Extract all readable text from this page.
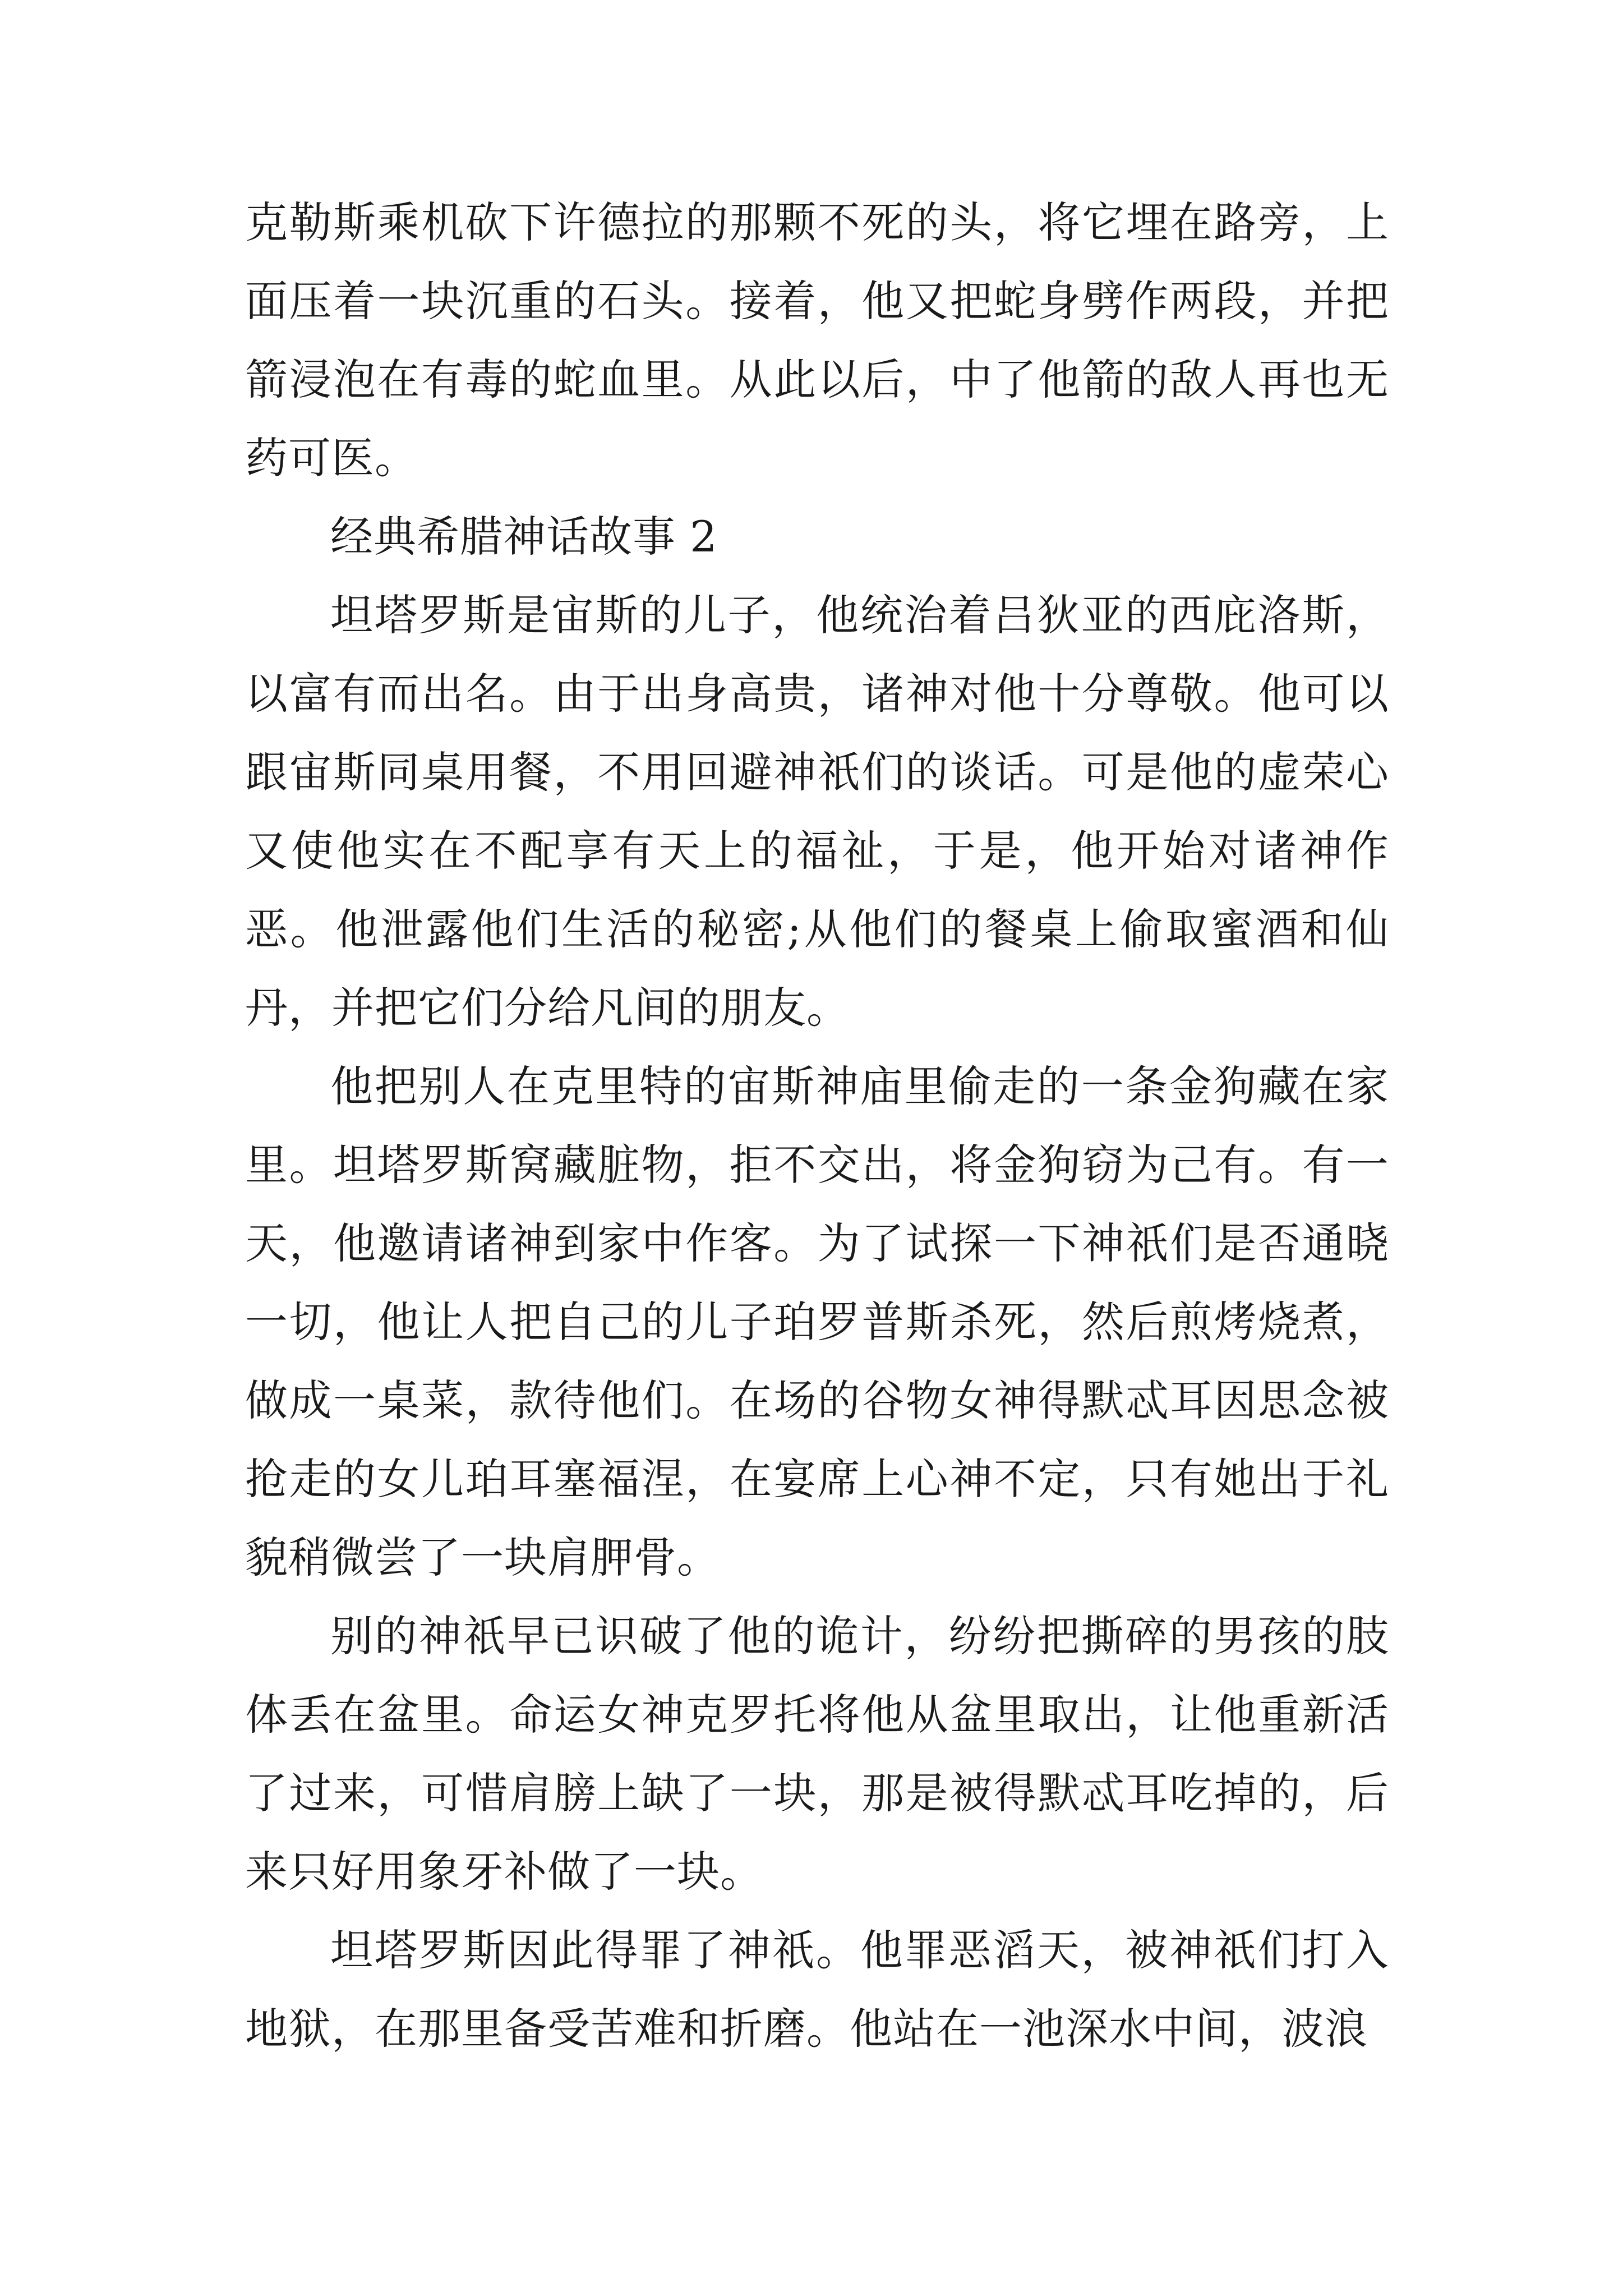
克勒斯乘机砍下许德拉的那颗不死的头，将它埋在路旁，上面压着一块沉重的石头。接着，他又把蛇身劈作两段，并把箭浸泡在有毒的蛇血里。从此以后，中了他箭的敌人再也无药可医。

经典希腊神话故事 2

坦塔罗斯是宙斯的儿子，他统治着吕狄亚的西庇洛斯，以富有而出名。由于出身高贵，诸神对他十分尊敬。他可以跟宙斯同桌用餐，不用回避神祇们的谈话。可是他的虚荣心又使他实在不配享有天上的福祉，于是，他开始对诸神作恶。他泄露他们生活的秘密;从他们的餐桌上偷取蜜酒和仙丹，并把它们分给凡间的朋友。

他把别人在克里特的宙斯神庙里偷走的一条金狗藏在家里。坦塔罗斯窝藏脏物，拒不交出，将金狗窃为己有。有一天，他邀请诸神到家中作客。为了试探一下神祇们是否通晓一切，他让人把自己的儿子珀罗普斯杀死，然后煎烤烧煮，做成一桌菜，款待他们。在场的谷物女神得默忒耳因思念被抢走的女儿珀耳塞福涅，在宴席上心神不定，只有她出于礼貌稍微尝了一块肩胛骨。

别的神祇早已识破了他的诡计，纷纷把撕碎的男孩的肢体丢在盆里。命运女神克罗托将他从盆里取出，让他重新活了过来，可惜肩膀上缺了一块，那是被得默忒耳吃掉的，后来只好用象牙补做了一块。

坦塔罗斯因此得罪了神祇。他罪恶滔天，被神祇们打入地狱，在那里备受苦难和折磨。他站在一池深水中间，波浪
